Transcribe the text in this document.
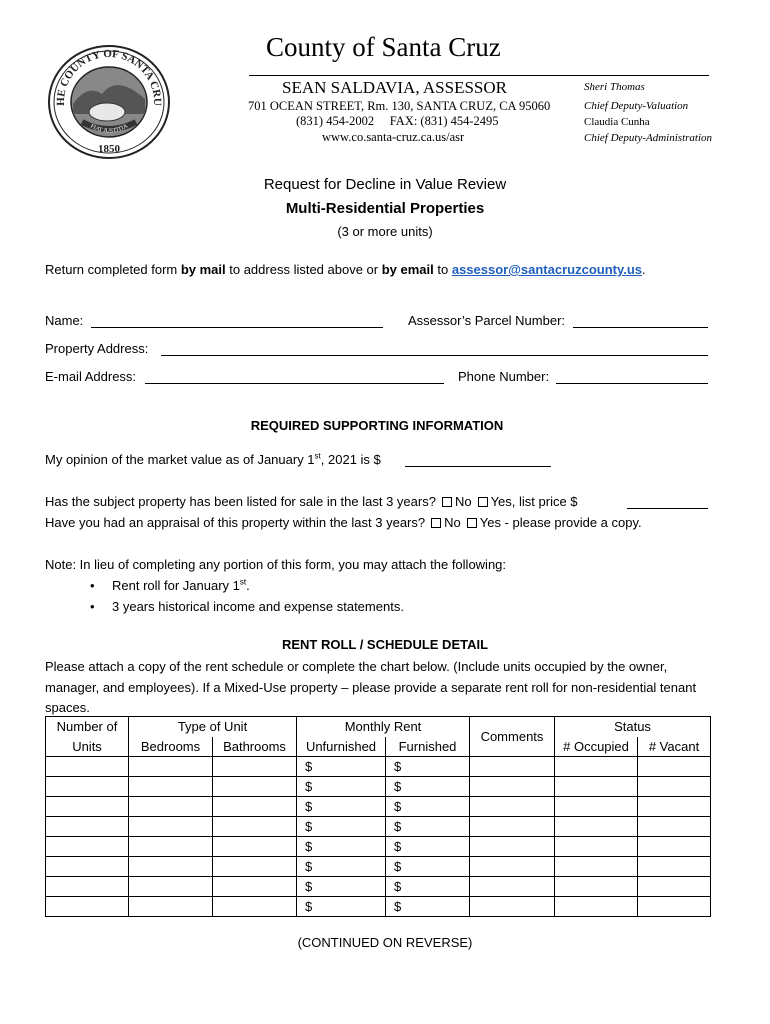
HE COUNTY OF SANTA CRU
FIAT JUSTITIA
1850
County of Santa Cruz
SEAN SALDAVIA, ASSESSOR
701 OCEAN STREET, Rm. 130, SANTA CRUZ, CA 95060
(831) 454-2002     FAX: (831) 454-2495
www.co.santa-cruz.ca.us/asr
Sheri Thomas
Chief Deputy-Valuation
Claudia Cunha
Chief Deputy-Administration
Request for Decline in Value Review
Multi-Residential Properties
(3 or more units)
Return completed form by mail to address listed above or by email to assessor@santacruzcounty.us.
Name:	Assessor’s Parcel Number:
Property Address:
E-mail Address:	Phone Number:
REQUIRED SUPPORTING INFORMATION
My opinion of the market value as of January 1st, 2021 is $
Has the subject property has been listed for sale in the last 3 years? No Yes, list price $
Have you had an appraisal of this property within the last 3 years? No Yes - please provide a copy.
Note: In lieu of completing any portion of this form, you may attach the following:
• Rent roll for January 1st.
• 3 years historical income and expense statements.
RENT ROLL / SCHEDULE DETAIL
Please attach a copy of the rent schedule or complete the chart below. (Include units occupied by the owner, manager, and employees). If a Mixed-Use property – please provide a separate rent roll for non-residential tenant spaces.
Number of	Type of Unit		Monthly Rent		Comments	Status	
Units	Bedrooms	Bathrooms	Unfurnished	Furnished		# Occupied	# Vacant
			$	$			
			$	$			
			$	$			
			$	$			
			$	$			
			$	$			
			$	$			
			$	$			
(CONTINUED ON REVERSE)
